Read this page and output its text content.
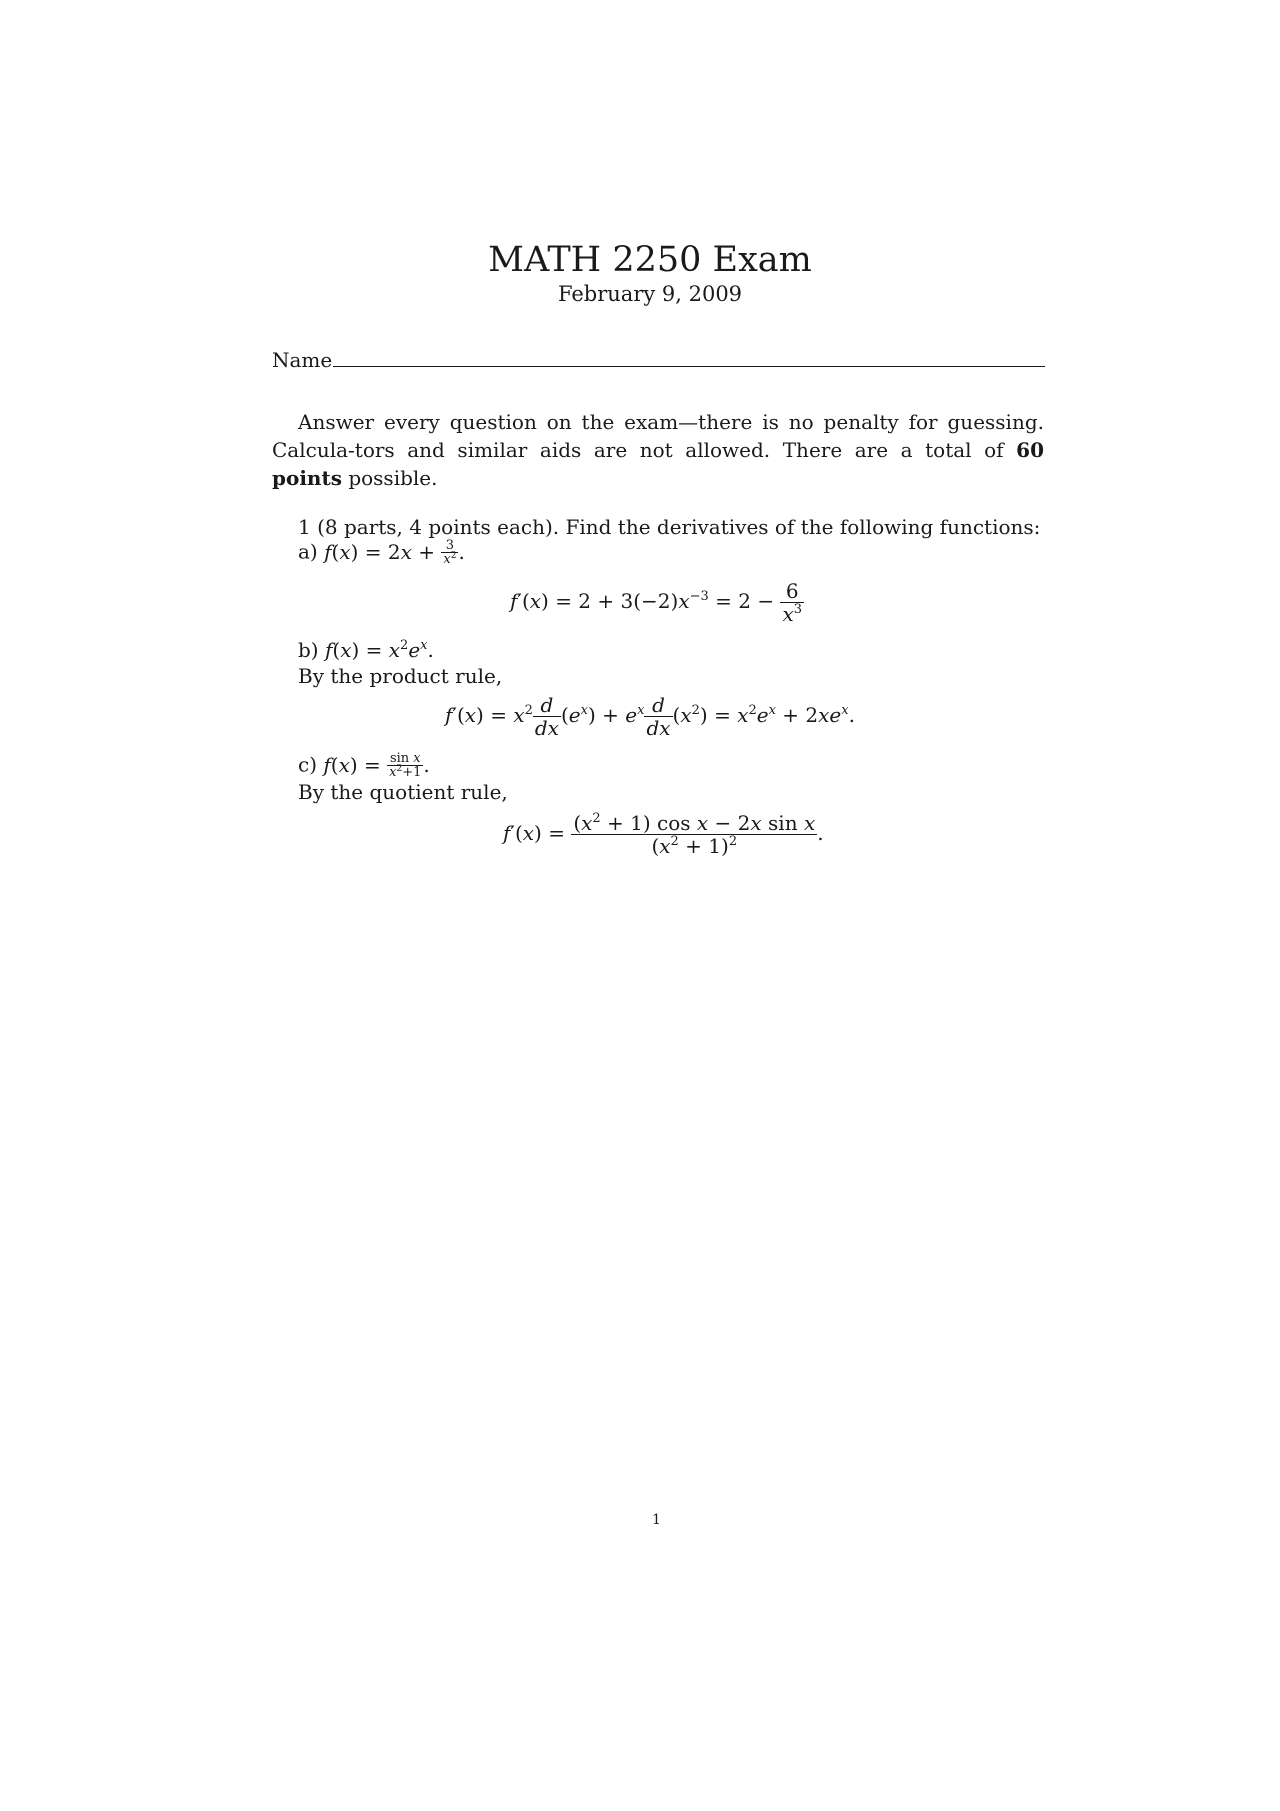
MATH 2250 Exam
February 9, 2009
Name
Answer every question on the exam—there is no penalty for guessing. Calcula-tors and similar aids are not allowed. There are a total of 60 points possible.
1 (8 parts, 4 points each). Find the derivatives of the following functions:
a) $f(x) = 2x + \frac{3}{x^2}$ .
$f'(x) = 2 + 3(-2)x^{-3} = 2 - \frac{6}{x^3}$
b) $f(x) = x^2e^x$.
By the product rule,
$f'(x) = x^2 \frac{d}{dx} (e^x) + e^x \frac{d}{dx} (x^2) = x^2e^x + 2xe^x$.
c) $f(x) = \frac{\text{sin x}}{x^2+1}$ .
By the quotient rule,
$f'(x) = \frac{(x^2 + 1) \cos x - 2x \sin x}{(x^2 + 1)^2}$ .
1
